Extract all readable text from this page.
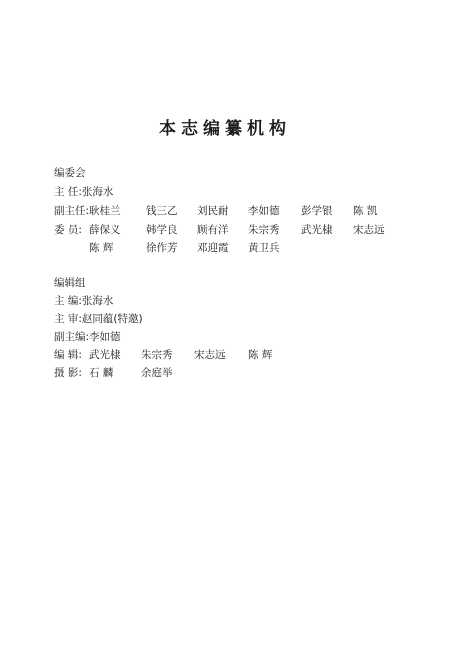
本志编纂机构
编委会
主 任:张海水
副主任: 耿桂兰 钱三乙 刘民耐 李如德 彭学银 陈 凯
委 员: 薛保义 韩学良 顾有洋 朱宗秀 武光棣 宋志远
陈 辉	徐作芳 邓迎霞 黄卫兵
编辑组
主 编:张海水
主 审:赵同蕴(特邀)
副主编:李如德
编 辑: 武光棣 朱宗秀 宋志远 陈 辉
摄 影: 石 麟	余庭举
